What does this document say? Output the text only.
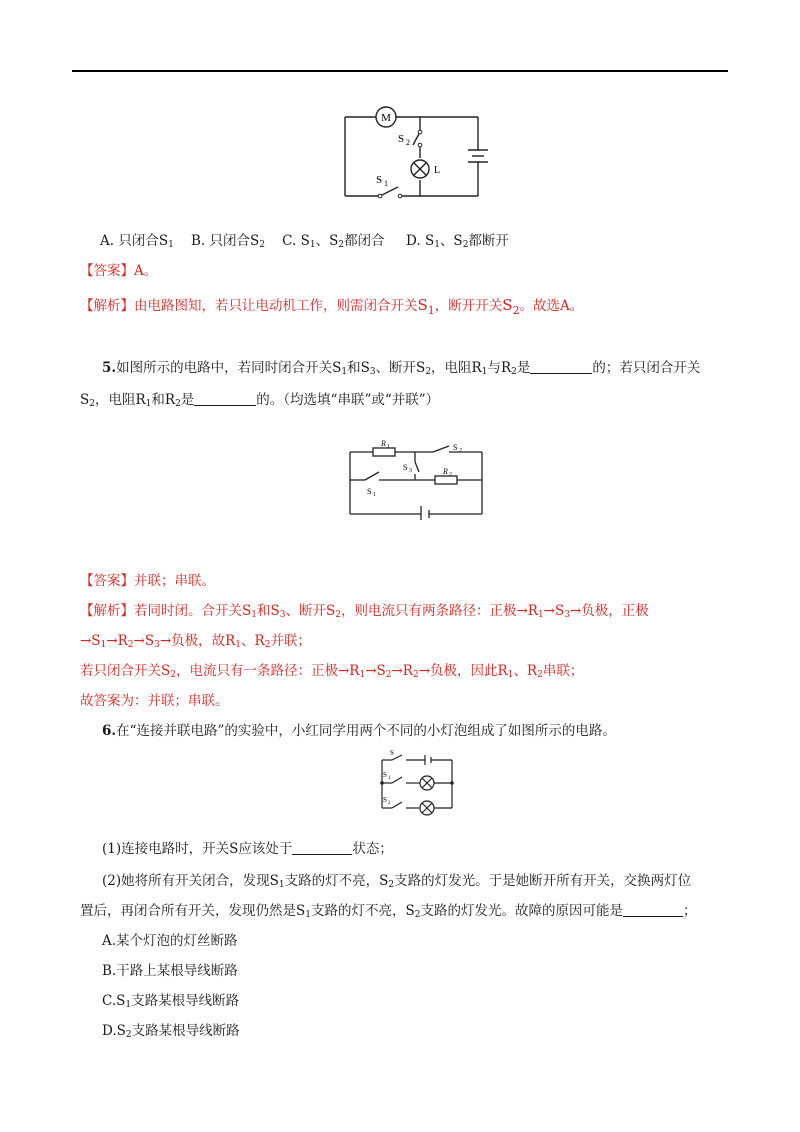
M
S 2
L
S 1
A. 只闭合$S_1$    B. 只闭合$S_2$    C. $S_1$、$S_2$都闭合     D. $S_1$、$S_2$都断开
【答案】A。
【解析】由电路图知，若只让电动机工作，则需闭合开关$S_1$，断开开关$S_2$。故选A。
5.如图所示的电路中，若同时闭合开关$S_1$和$S_3$、断开$S_2$，电阻$R_1$与$R_2$是	的；若只闭合开关
$S_2$，电阻$R_1$和$R_2$是	的。（均选填“串联”或“并联”）
R 1
R 2
S 2
S 3
S 1
【答案】并联；串联。
【解析】若同时闭。合开关$S_1$和$S_3$、断开$S_2$，则电流只有两条路径：正极$\to R_1\to S_3\to$负极，正极
$\to S_1\to R_2\to S_3\to$负极，故$R_1$、$R_2$并联；
若只闭合开关$S_2$，电流只有一条路径：正极$\to R_1\to S_2\to R_2\to$负极，因此$R_1$、$R_2$串联；
故答案为：并联；串联。
6.在“连接并联电路”的实验中，小红同学用两个不同的小灯泡组成了如图所示的电路。
S
S 1
S 2
(1)连接电路时，开关S应该处于	状态；
(2)她将所有开关闭合，发现$S_1$支路的灯不亮，$S_2$支路的灯发光。于是她断开所有开关，交换两灯位
置后，再闭合所有开关，发现仍然是$S_1$支路的灯不亮，$S_2$支路的灯发光。故障的原因可能是	；
A.某个灯泡的灯丝断路
B.干路上某根导线断路
$C.S_1$支路某根导线断路
$D.S_2$支路某根导线断路
